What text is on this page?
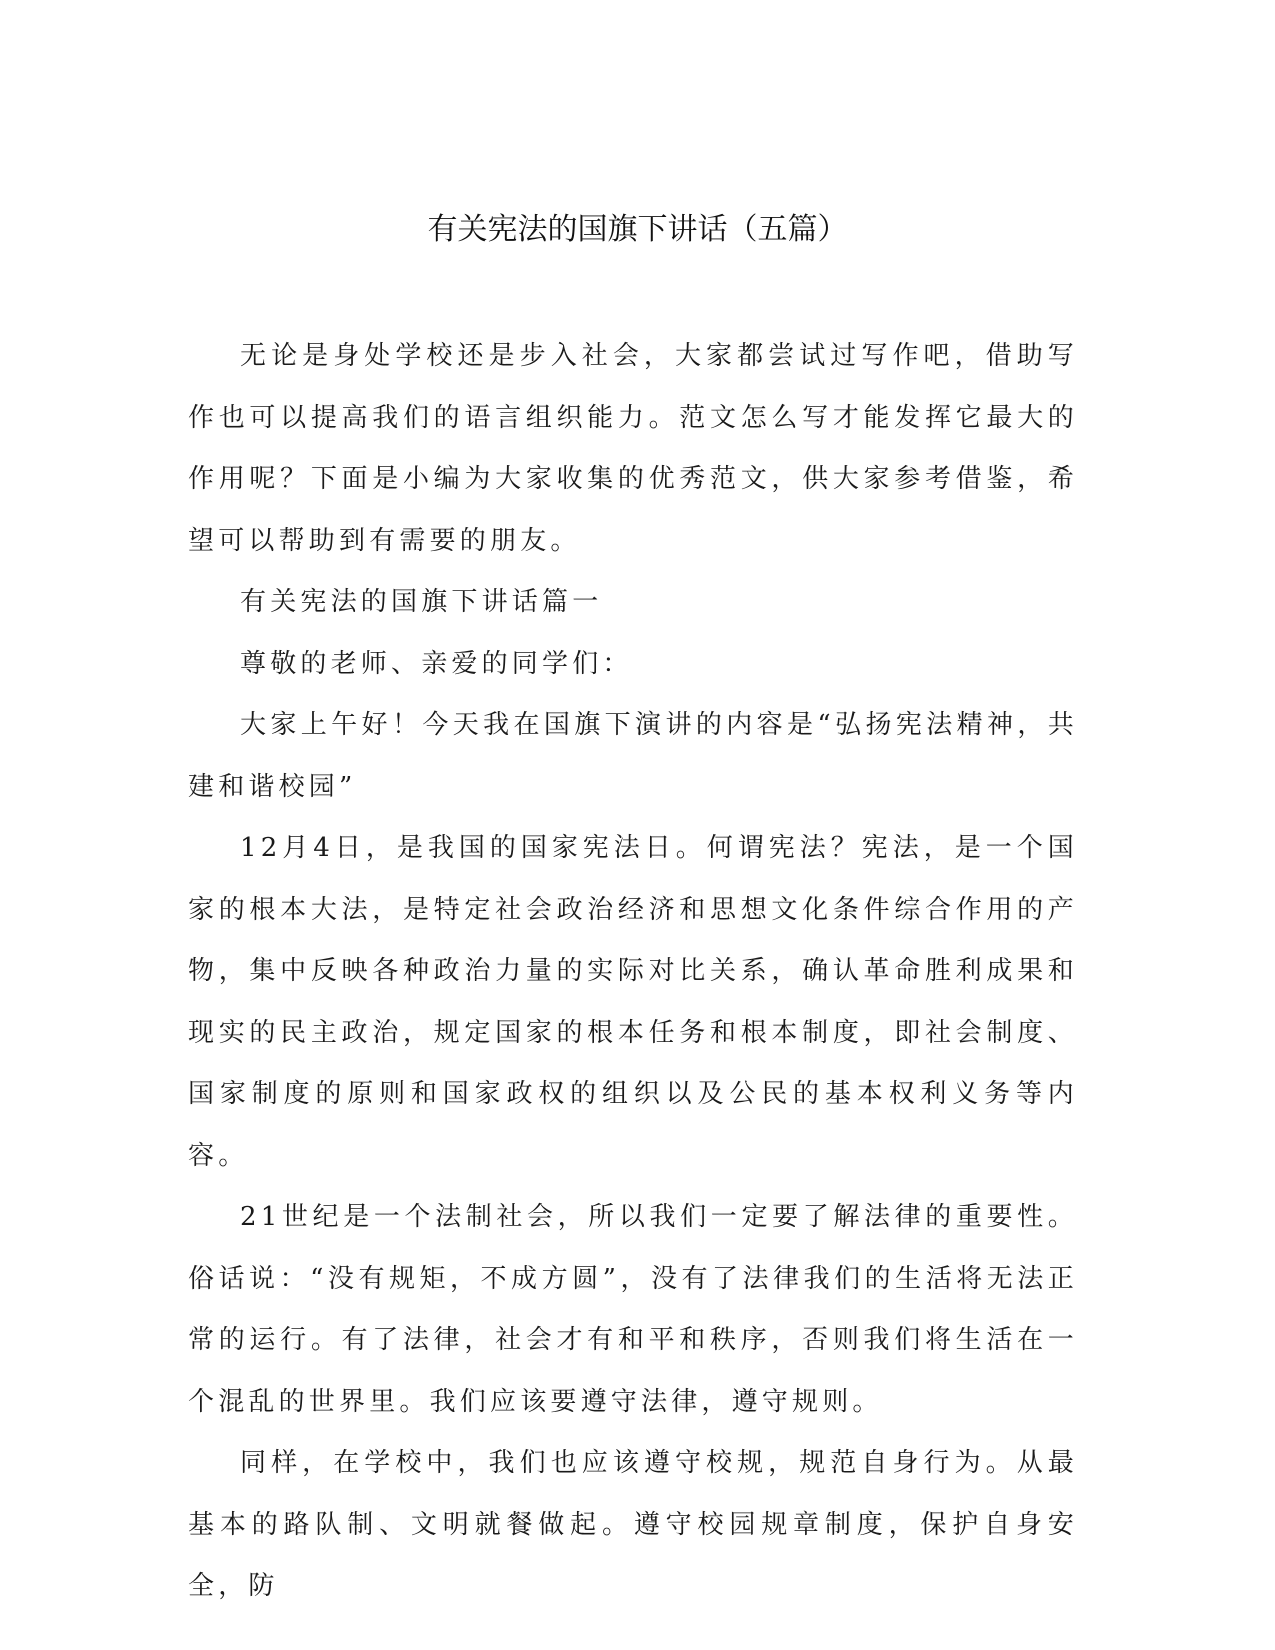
有关宪法的国旗下讲话（五篇）

无论是身处学校还是步入社会，大家都尝试过写作吧，借助写作也可以提高我们的语言组织能力。范文怎么写才能发挥它最大的作用呢？下面是小编为大家收集的优秀范文，供大家参考借鉴，希望可以帮助到有需要的朋友。

有关宪法的国旗下讲话篇一

尊敬的老师、亲爱的同学们：

大家上午好！今天我在国旗下演讲的内容是“弘扬宪法精神，共建和谐校园”

12月4日，是我国的国家宪法日。何谓宪法？宪法，是一个国家的根本大法，是特定社会政治经济和思想文化条件综合作用的产物，集中反映各种政治力量的实际对比关系，确认革命胜利成果和现实的民主政治，规定国家的根本任务和根本制度，即社会制度、国家制度的原则和国家政权的组织以及公民的基本权利义务等内容。

21世纪是一个法制社会，所以我们一定要了解法律的重要性。俗话说：“没有规矩，不成方圆”，没有了法律我们的生活将无法正常的运行。有了法律，社会才有和平和秩序，否则我们将生活在一个混乱的世界里。我们应该要遵守法律，遵守规则。

同样，在学校中，我们也应该遵守校规，规范自身行为。从最基本的路队制、文明就餐做起。遵守校园规章制度，保护自身安全，防
